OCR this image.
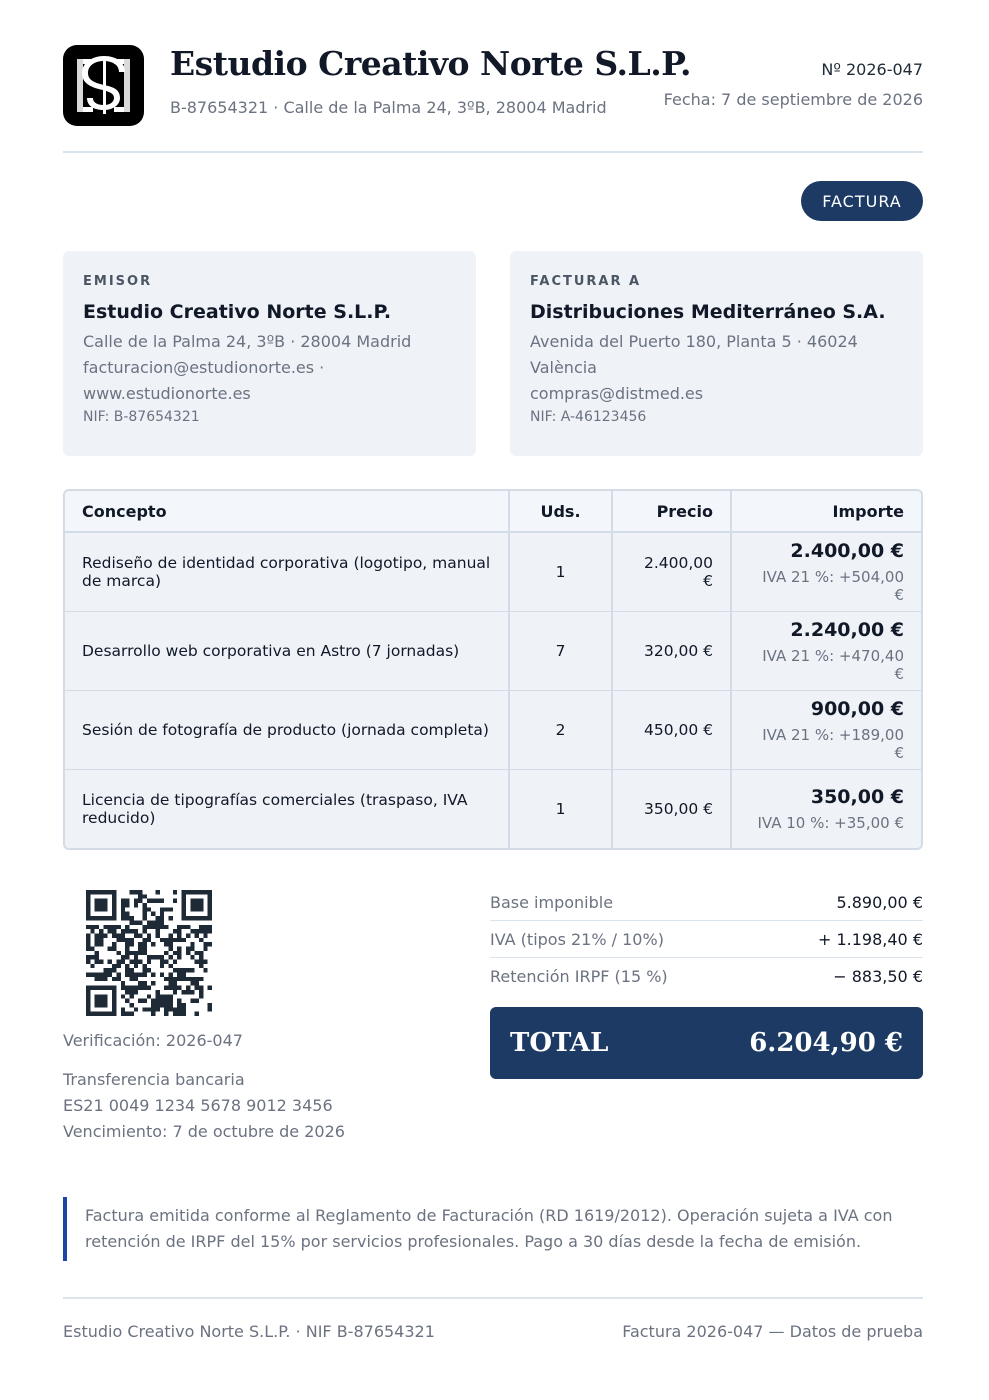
Estudio Creativo Norte S.L.P.
B-87654321 · Calle de la Palma 24, 3ºB, 28004 Madrid
Nº 2026-047
Fecha: 7 de septiembre de 2026
FACTURA
EMISOR
Estudio Creativo Norte S.L.P.
Calle de la Palma 24, 3ºB · 28004 Madrid
facturacion@estudionorte.es · www.estudionorte.es
NIF: B-87654321
FACTURAR A
Distribuciones Mediterráneo S.A.
Avenida del Puerto 180, Planta 5 · 46024 València
compras@distmed.es
NIF: A-46123456
Concepto	Uds.	Precio	Importe
Rediseño de identidad corporativa (logotipo, manual de marca)	1	2.400,00 €	2.400,00 €
IVA 21 %: +504,00 €

Desarrollo web corporativa en Astro (7 jornadas)	7	320,00 €	2.240,00 €
IVA 21 %: +470,40 €

Sesión de fotografía de producto (jornada completa)	2	450,00 €	900,00 €
IVA 21 %: +189,00 €

Licencia de tipografías comerciales (traspaso, IVA reducido)	1	350,00 €	350,00 €
IVA 10 %: +35,00 €
Verificación: 2026-047
Transferencia bancaria
ES21 0049 1234 5678 9012 3456
Vencimiento: 7 de octubre de 2026
Base imponible	5.890,00 €
IVA (tipos 21% / 10%)	+ 1.198,40 €
Retención IRPF (15 %)	− 883,50 €
TOTAL	6.204,90 €
Factura emitida conforme al Reglamento de Facturación (RD 1619/2012). Operación sujeta a IVA con retención de IRPF del 15% por servicios profesionales. Pago a 30 días desde la fecha de emisión.
Estudio Creativo Norte S.L.P. · NIF B-87654321	Factura 2026-047 — Datos de prueba
